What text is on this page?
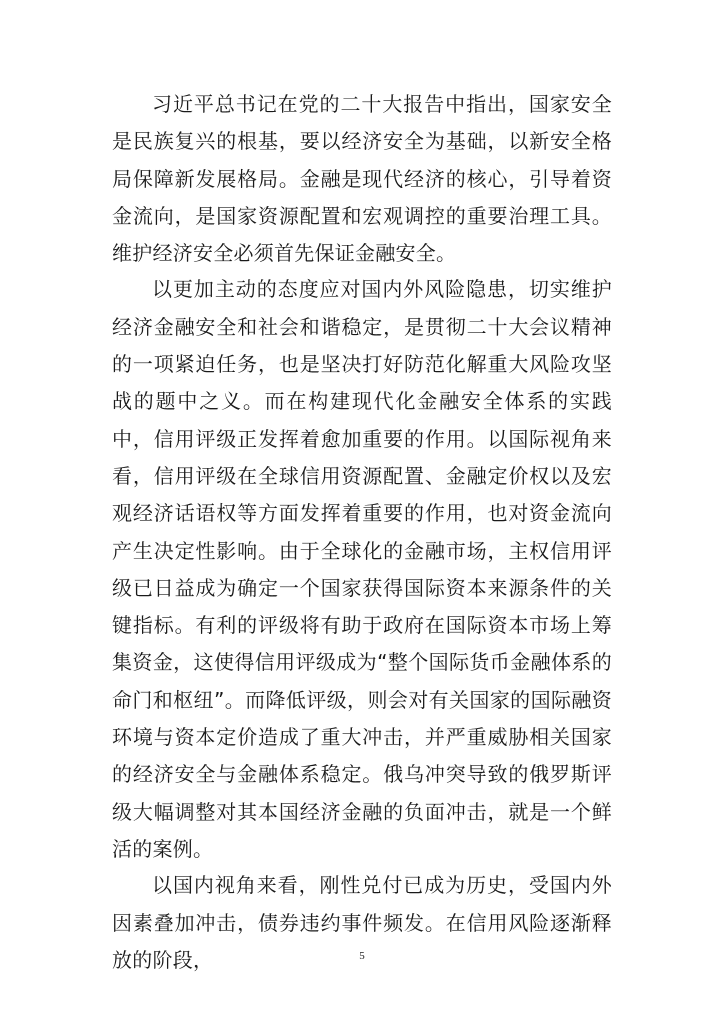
习近平总书记在党的二十大报告中指出，国家安全是民族复兴的根基，要以经济安全为基础，以新安全格局保障新发展格局。金融是现代经济的核心，引导着资金流向，是国家资源配置和宏观调控的重要治理工具。维护经济安全必须首先保证金融安全。

以更加主动的态度应对国内外风险隐患，切实维护经济金融安全和社会和谐稳定，是贯彻二十大会议精神的一项紧迫任务，也是坚决打好防范化解重大风险攻坚战的题中之义。而在构建现代化金融安全体系的实践中，信用评级正发挥着愈加重要的作用。以国际视角来看，信用评级在全球信用资源配置、金融定价权以及宏观经济话语权等方面发挥着重要的作用，也对资金流向产生决定性影响。由于全球化的金融市场，主权信用评级已日益成为确定一个国家获得国际资本来源条件的关键指标。有利的评级将有助于政府在国际资本市场上筹集资金，这使得信用评级成为“整个国际货币金融体系的命门和枢纽”。而降低评级，则会对有关国家的国际融资环境与资本定价造成了重大冲击，并严重威胁相关国家的经济安全与金融体系稳定。俄乌冲突导致的俄罗斯评级大幅调整对其本国经济金融的负面冲击，就是一个鲜活的案例。

以国内视角来看，刚性兑付已成为历史，受国内外因素叠加冲击，债券违约事件频发。在信用风险逐渐释放的阶段，	5
